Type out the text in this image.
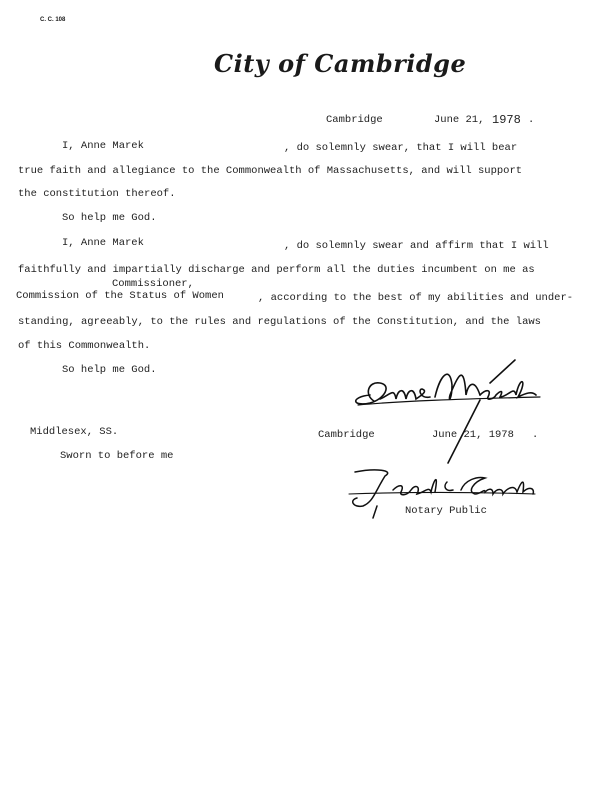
C. C. 108
City of Cambridge
Cambridge	June 21, 1978 .
I, Anne Marek	, do solemnly swear, that I will bear
true faith and allegiance to the Commonwealth of Massachusetts, and will support
the constitution thereof.
So help me God.
I, Anne Marek	, do solemnly swear and affirm that I will
faithfully and impartially discharge and perform all the duties incumbent on me as
Commissioner,
Commission of the Status of Women	, according to the best of my abilities and under-
standing, agreeably, to the rules and regulations of the Constitution, and the laws
of this Commonwealth.
So help me God.
Middlesex, SS.	Cambridge	June 21, 1978 .
Sworn to before me
Notary Public
